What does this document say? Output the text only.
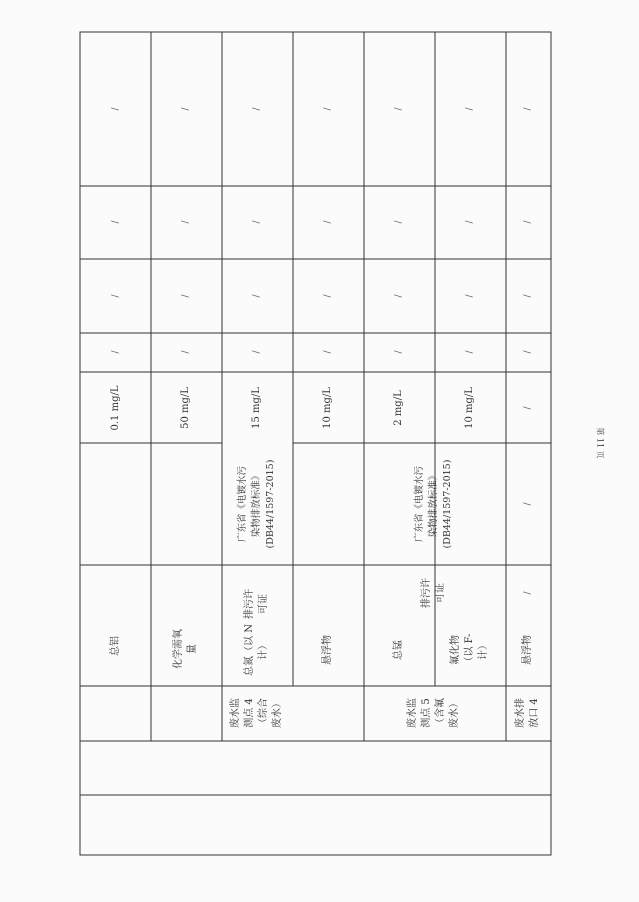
总铝
0.1 mg/L
/
/
/
/
化学需氧 量
50 mg/L
/
/
/
/
废水监 测点 4 （综合 废水）
排污许 可证
广东省《电镀水污 染物排放标准》 (DB44/1597-2015)
总氮（以 N 计）
15 mg/L
/
/
/
/
悬浮物
10 mg/L
/
/
/
/
总锰
2 mg/L
/
/
/
/
废水监 测点 5 （含氟 废水）
排污许 可证
广东省《电镀水污 染物排放标准》 (DB44/1597-2015)
氟化物 （以 F- 计）
10 mg/L
/
/
/
/
废水排 放口 4
悬浮物
/
/
/
/
/
/
/
第 11 页
